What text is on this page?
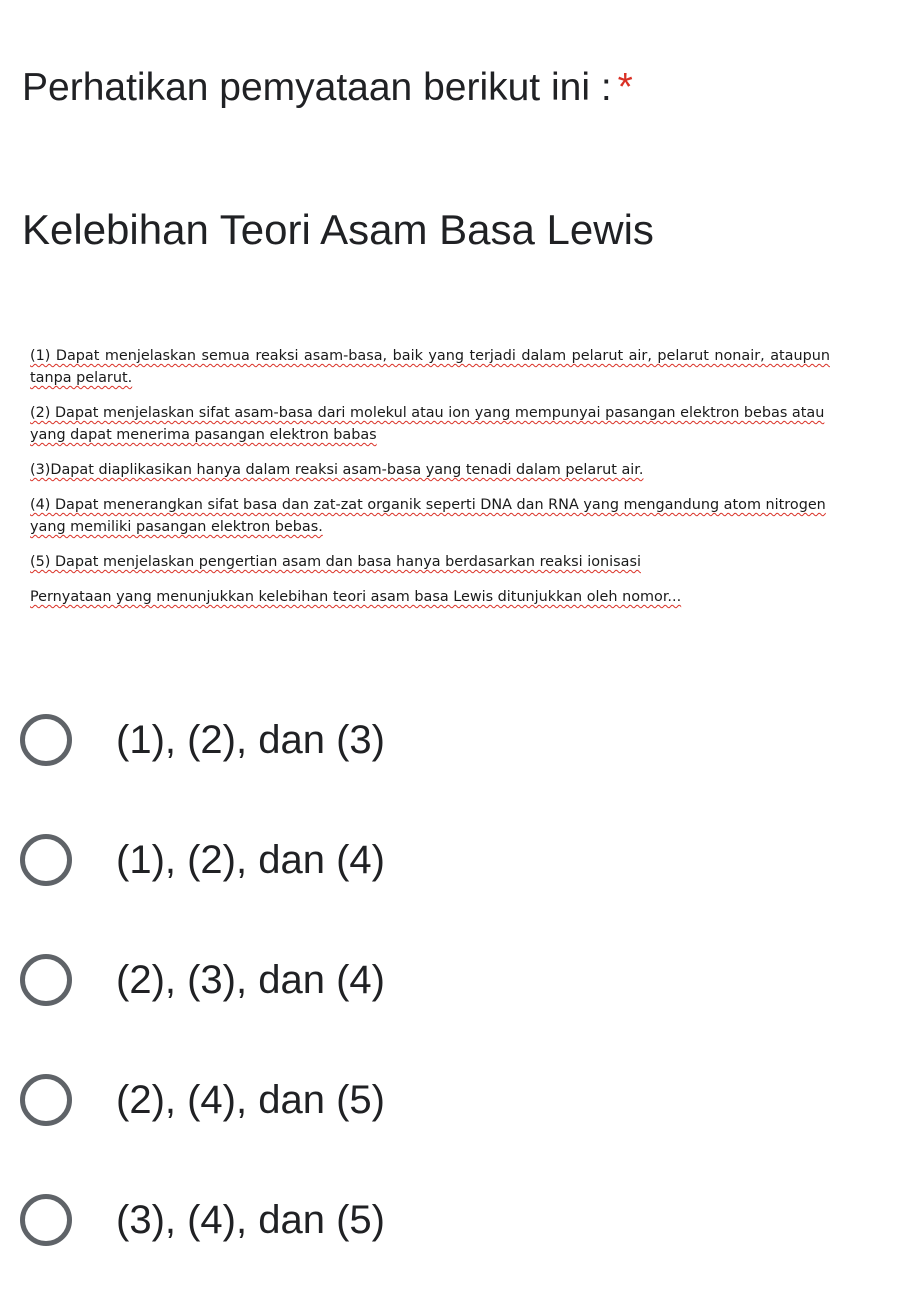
Perhatikan pemyataan berikut ini : *
Kelebihan Teori Asam Basa Lewis

(1) Dapat menjelaskan semua reaksi asam-basa, baik yang terjadi dalam pelarut air, pelarut nonair, ataupun tanpa pelarut.

(2) Dapat menjelaskan sifat asam-basa dari molekul atau ion yang mempunyai pasangan elektron bebas atau yang dapat menerima pasangan elektron babas

(3)Dapat diaplikasikan hanya dalam reaksi asam-basa yang tenadi dalam pelarut air.

(4) Dapat menerangkan sifat basa dan zat-zat organik seperti DNA dan RNA yang mengandung atom nitrogen yang memiliki pasangan elektron bebas.

(5) Dapat menjelaskan pengertian asam dan basa hanya berdasarkan reaksi ionisasi

Pernyataan yang menunjukkan kelebihan teori asam basa Lewis ditunjukkan oleh nomor...

(1), (2), dan (3)
(1), (2), dan (4)
(2), (3), dan (4)
(2), (4), dan (5)
(3), (4), dan (5)
